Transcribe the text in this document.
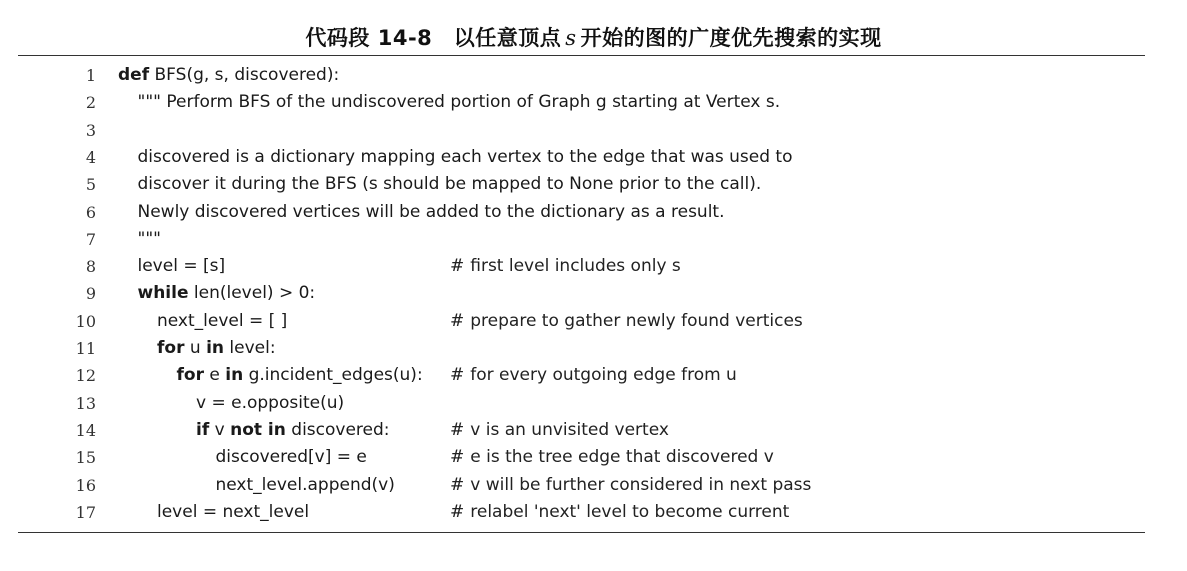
代码段 14-8　以任意顶点 s 开始的图的广度优先搜索的实现
1 def BFS(g, s, discovered):
2 """ Perform BFS of the undiscovered portion of Graph g starting at Vertex s.
3
4 discovered is a dictionary mapping each vertex to the edge that was used to
5 discover it during the BFS (s should be mapped to None prior to the call).
6 Newly discovered vertices will be added to the dictionary as a result.
7 """
8 level = [s]	# first level includes only s
9 while len(level) > 0:
10	next_level = [ ]	# prepare to gather newly found vertices
11	for u in level:
12	for e in g.incident_edges(u): # for every outgoing edge from u
13	v = e.opposite(u)
14	if v not in discovered:	# v is an unvisited vertex
15	discovered[v] = e	# e is the tree edge that discovered v
16	next_level.append(v)	# v will be further considered in next pass
17	level = next_level	# relabel 'next' level to become current
